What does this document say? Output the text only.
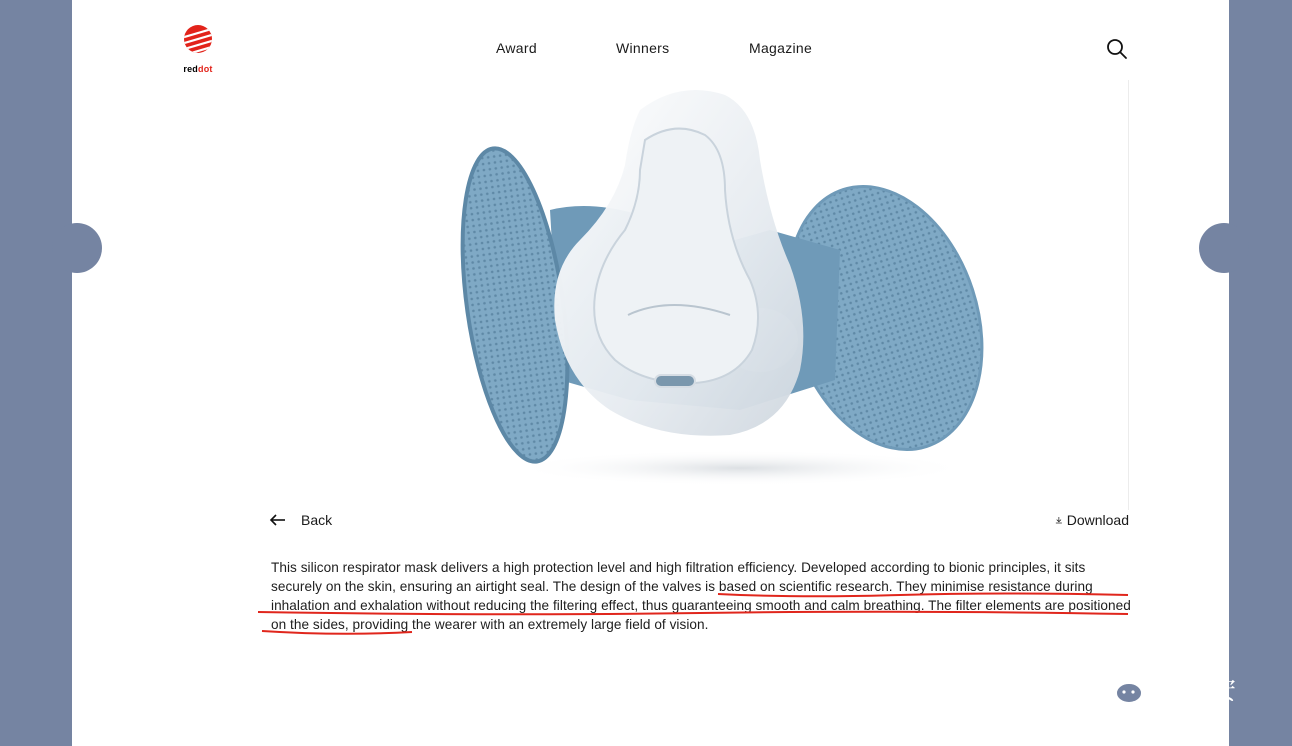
reddot
Award	Winners	Magazine
Back	Download

This silicon respirator mask delivers a high protection level and high filtration efficiency. Developed according to bionic principles, it sits securely on the skin, ensuring an airtight seal. The design of the valves is based on scientific research. They minimise resistance during inhalation and exhalation without reducing the filtering effect, thus guaranteeing smooth and calm breathing. The filter elements are positioned on the sides, providing the wearer with an extremely large field of vision.

宝顺安
